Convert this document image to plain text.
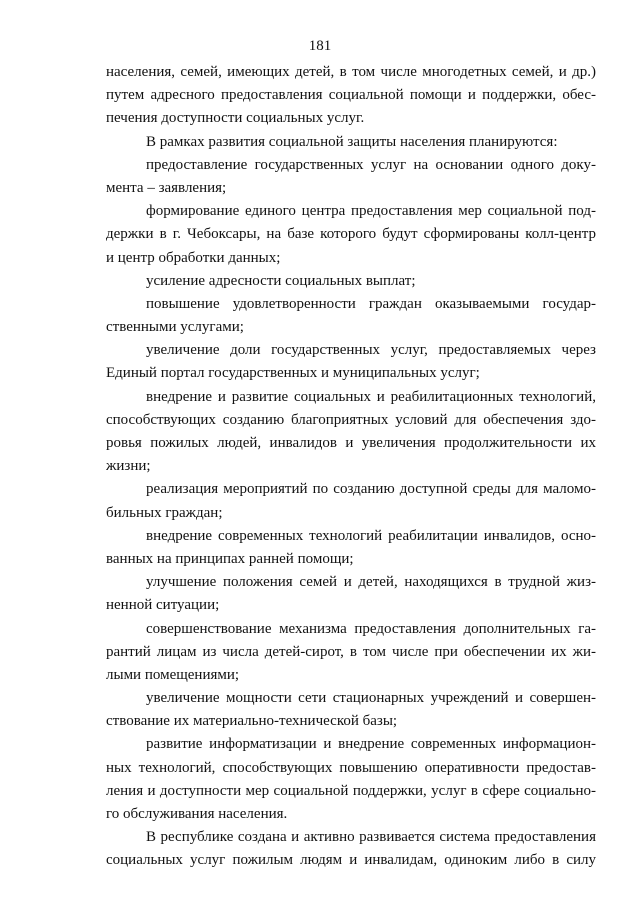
181

населения, семей, имеющих детей, в том числе многодетных семей, и др.)
путем адресного предоставления социальной помощи и поддержки, обес-
печения доступности социальных услуг.
В рамках развития социальной защиты населения планируются:
предоставление государственных услуг на основании одного доку-
мента – заявления;
формирование единого центра предоставления мер социальной под-
держки в г. Чебоксары, на базе которого будут сформированы колл-центр
и центр обработки данных;
усиление адресности социальных выплат;
повышение удовлетворенности граждан оказываемыми государ-
ственными услугами;
увеличение доли государственных услуг, предоставляемых через
Единый портал государственных и муниципальных услуг;
внедрение и развитие социальных и реабилитационных технологий,
способствующих созданию благоприятных условий для обеспечения здо-
ровья пожилых людей, инвалидов и увеличения продолжительности их
жизни;
реализация мероприятий по созданию доступной среды для маломо-
бильных граждан;
внедрение современных технологий реабилитации инвалидов, осно-
ванных на принципах ранней помощи;
улучшение положения семей и детей, находящихся в трудной жиз-
ненной ситуации;
совершенствование механизма предоставления дополнительных га-
рантий лицам из числа детей-сирот, в том числе при обеспечении их жи-
лыми помещениями;
увеличение мощности сети стационарных учреждений и совершен-
ствование их материально-технической базы;
развитие информатизации и внедрение современных информацион-
ных технологий, способствующих повышению оперативности предостав-
ления и доступности мер социальной поддержки, услуг в сфере социально-
го обслуживания населения.
В республике создана и активно развивается система предоставления
социальных услуг пожилым людям и инвалидам, одиноким либо в силу
